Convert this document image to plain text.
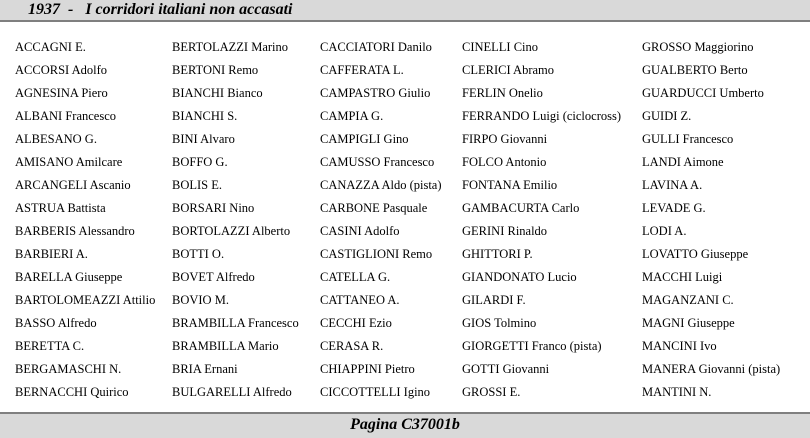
1937  -   I corridori italiani non accasati
ACCAGNI E.
ACCORSI Adolfo
AGNESINA Piero
ALBANI Francesco
ALBESANO G.
AMISANO Amilcare
ARCANGELI Ascanio
ASTRUA Battista
BARBERIS Alessandro
BARBIERI A.
BARELLA Giuseppe
BARTOLOMEAZZI Attilio
BASSO Alfredo
BERETTA C.
BERGAMASCHI N.
BERNACCHI Quirico
BERTOLAZZI Marino
BERTONI Remo
BIANCHI Bianco
BIANCHI S.
BINI Alvaro
BOFFO G.
BOLIS E.
BORSARI Nino
BORTOLAZZI Alberto
BOTTI O.
BOVET Alfredo
BOVIO M.
BRAMBILLA Francesco
BRAMBILLA Mario
BRIA Ernani
BULGARELLI Alfredo
CACCIATORI Danilo
CAFFERATA L.
CAMPASTRO Giulio
CAMPIA G.
CAMPIGLI Gino
CAMUSSO Francesco
CANAZZA Aldo (pista)
CARBONE Pasquale
CASINI Adolfo
CASTIGLIONI Remo
CATELLA G.
CATTANEO A.
CECCHI Ezio
CERASA R.
CHIAPPINI Pietro
CICCOTTELLI Igino
CINELLI Cino
CLERICI Abramo
FERLIN Onelio
FERRANDO Luigi (ciclocross)
FIRPO Giovanni
FOLCO Antonio
FONTANA Emilio
GAMBACURTA Carlo
GERINI Rinaldo
GHITTORI P.
GIANDONATO Lucio
GILARDI F.
GIOS Tolmino
GIORGETTI Franco (pista)
GOTTI Giovanni
GROSSI E.
GROSSO Maggiorino
GUALBERTO Berto
GUARDUCCI Umberto
GUIDI Z.
GULLI Francesco
LANDI Aimone
LAVINA A.
LEVADE G.
LODI A.
LOVATTO Giuseppe
MACCHI Luigi
MAGANZANI C.
MAGNI Giuseppe
MANCINI Ivo
MANERA Giovanni (pista)
MANTINI N.
Pagina C37001b
